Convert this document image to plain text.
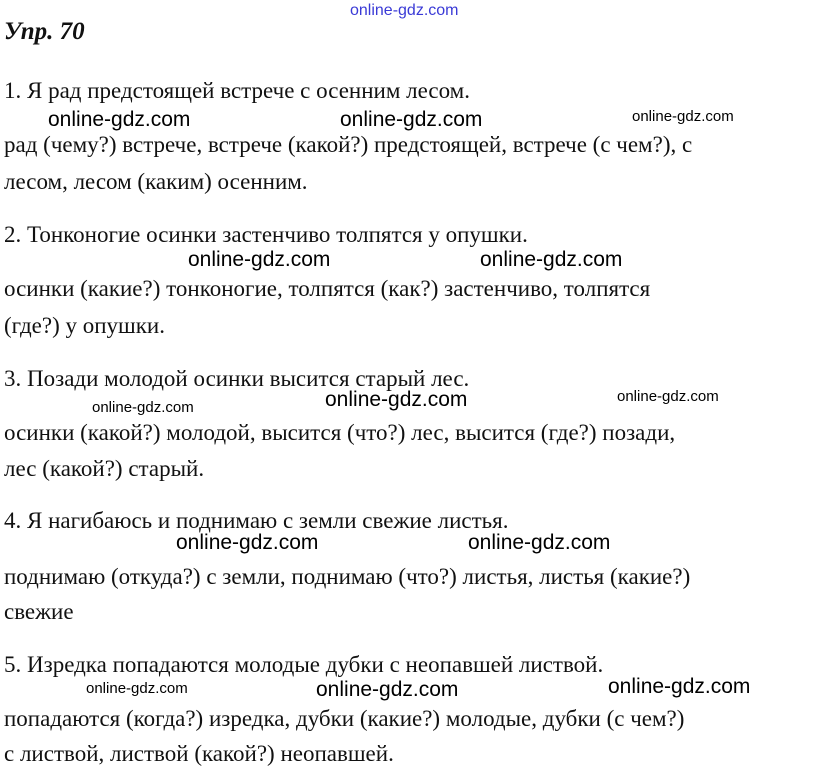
online-gdz.com
Упр. 70
1. Я рад предстоящей встрече с осенним лесом.
online-gdz.com	online-gdz.com	online-gdz.com
рад (чему?) встрече, встрече (какой?) предстоящей, встрече (с чем?), с
лесом, лесом (каким) осенним.
2. Тонконогие осинки застенчиво толпятся у опушки.
online-gdz.com	online-gdz.com
осинки (какие?) тонконогие, толпятся (как?) застенчиво, толпятся
(где?) у опушки.
3. Позади молодой осинки высится старый лес.
online-gdz.com	online-gdz.com	online-gdz.com
осинки (какой?) молодой, высится (что?) лес, высится (где?) позади,
лес (какой?) старый.
4. Я нагибаюсь и поднимаю с земли свежие листья.
online-gdz.com	online-gdz.com
поднимаю (откуда?) с земли, поднимаю (что?) листья, листья (какие?)
свежие
5. Изредка попадаются молодые дубки с неопавшей листвой.
online-gdz.com	online-gdz.com	online-gdz.com
попадаются (когда?) изредка, дубки (какие?) молодые, дубки (с чем?)
с листвой, листвой (какой?) неопавшей.
